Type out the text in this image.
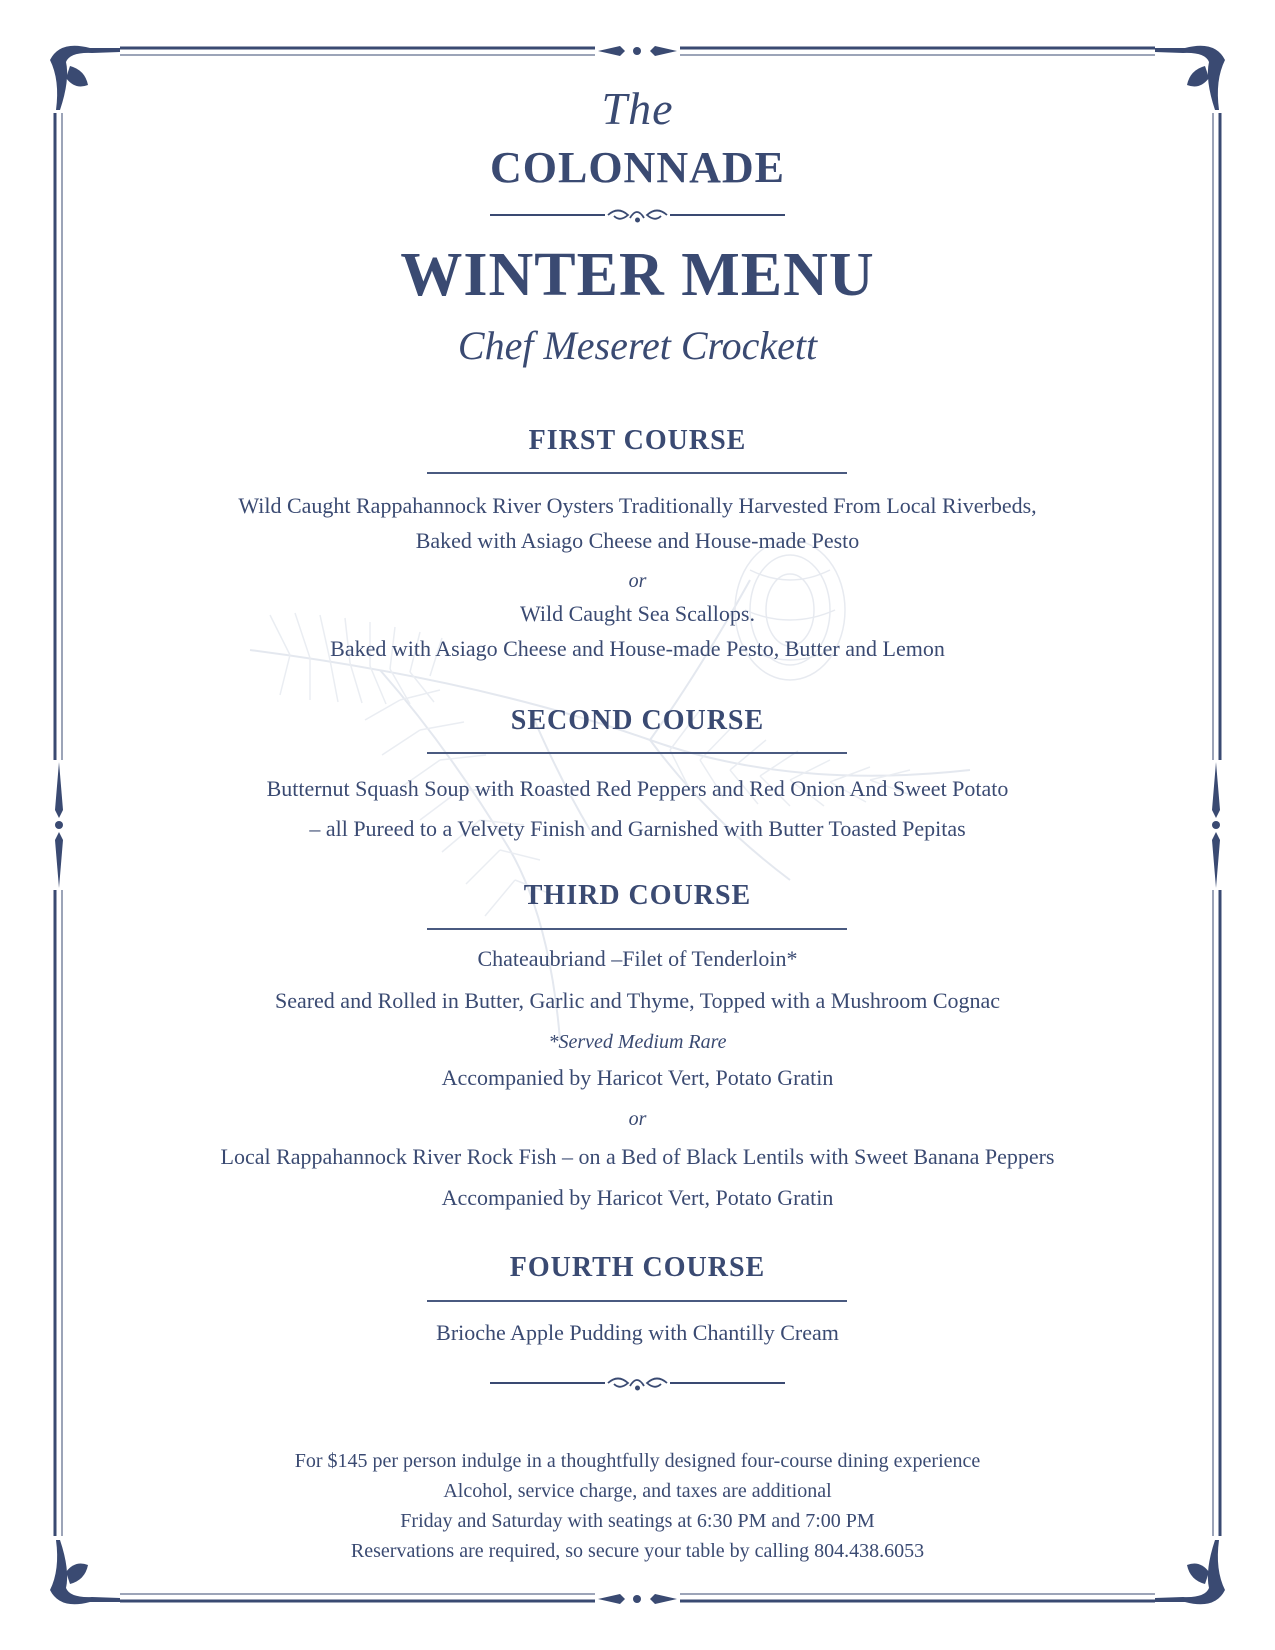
The
COLONNADE
WINTER MENU
Chef Meseret Crockett
FIRST COURSE
Wild Caught Rappahannock River Oysters Traditionally Harvested From Local Riverbeds,
Baked with Asiago Cheese and House-made Pesto
or
Wild Caught Sea Scallops.
Baked with Asiago Cheese and House-made Pesto, Butter and Lemon
SECOND COURSE
Butternut Squash Soup with Roasted Red Peppers and Red Onion And Sweet Potato
– all Pureed to a Velvety Finish and Garnished with Butter Toasted Pepitas
THIRD COURSE
Chateaubriand –Filet of Tenderloin*
Seared and Rolled in Butter, Garlic and Thyme, Topped with a Mushroom Cognac
*Served Medium Rare
Accompanied by Haricot Vert, Potato Gratin
or
Local Rappahannock River Rock Fish – on a Bed of Black Lentils with Sweet Banana Peppers
Accompanied by Haricot Vert, Potato Gratin
FOURTH COURSE
Brioche Apple Pudding with Chantilly Cream
For $145 per person indulge in a thoughtfully designed four-course dining experience
Alcohol, service charge, and taxes are additional
Friday and Saturday with seatings at 6:30 PM and 7:00 PM
Reservations are required, so secure your table by calling 804.438.6053
